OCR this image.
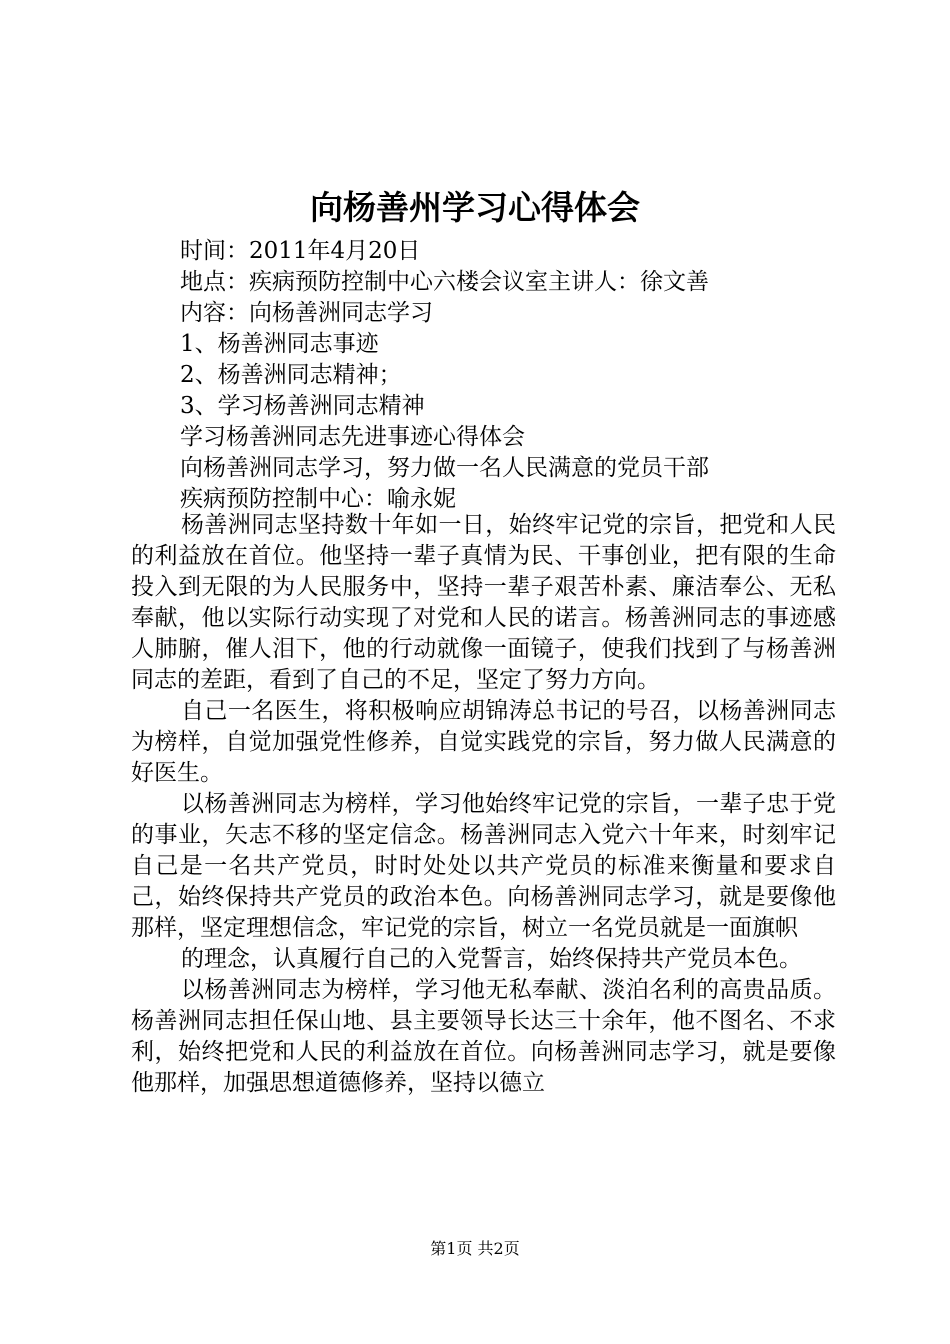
向杨善州学习心得体会
时间：2011年4月20日
地点：疾病预防控制中心六楼会议室主讲人：徐文善
内容：向杨善洲同志学习
1、杨善洲同志事迹
2、杨善洲同志精神；
3、学习杨善洲同志精神
学习杨善洲同志先进事迹心得体会
向杨善洲同志学习，努力做一名人民满意的党员干部
疾病预防控制中心：喻永妮

杨善洲同志坚持数十年如一日，始终牢记党的宗旨，把党和人民的利益放在首位。他坚持一辈子真情为民、干事创业，把有限的生命投入到无限的为人民服务中，坚持一辈子艰苦朴素、廉洁奉公、无私奉献，他以实际行动实现了对党和人民的诺言。杨善洲同志的事迹感人肺腑，催人泪下，他的行动就像一面镜子，使我们找到了与杨善洲同志的差距，看到了自己的不足，坚定了努力方向。

自己一名医生，将积极响应胡锦涛总书记的号召，以杨善洲同志为榜样，自觉加强党性修养，自觉实践党的宗旨，努力做人民满意的好医生。

以杨善洲同志为榜样，学习他始终牢记党的宗旨，一辈子忠于党的事业，矢志不移的坚定信念。杨善洲同志入党六十年来，时刻牢记自己是一名共产党员，时时处处以共产党员的标准来衡量和要求自己，始终保持共产党员的政治本色。向杨善洲同志学习，就是要像他那样，坚定理想信念，牢记党的宗旨，树立一名党员就是一面旗帜

的理念，认真履行自己的入党誓言，始终保持共产党员本色。

以杨善洲同志为榜样，学习他无私奉献、淡泊名利的高贵品质。杨善洲同志担任保山地、县主要领导长达三十余年，他不图名、不求利，始终把党和人民的利益放在首位。向杨善洲同志学习，就是要像他那样，加强思想道德修养，坚持以德立

第1页 共2页
